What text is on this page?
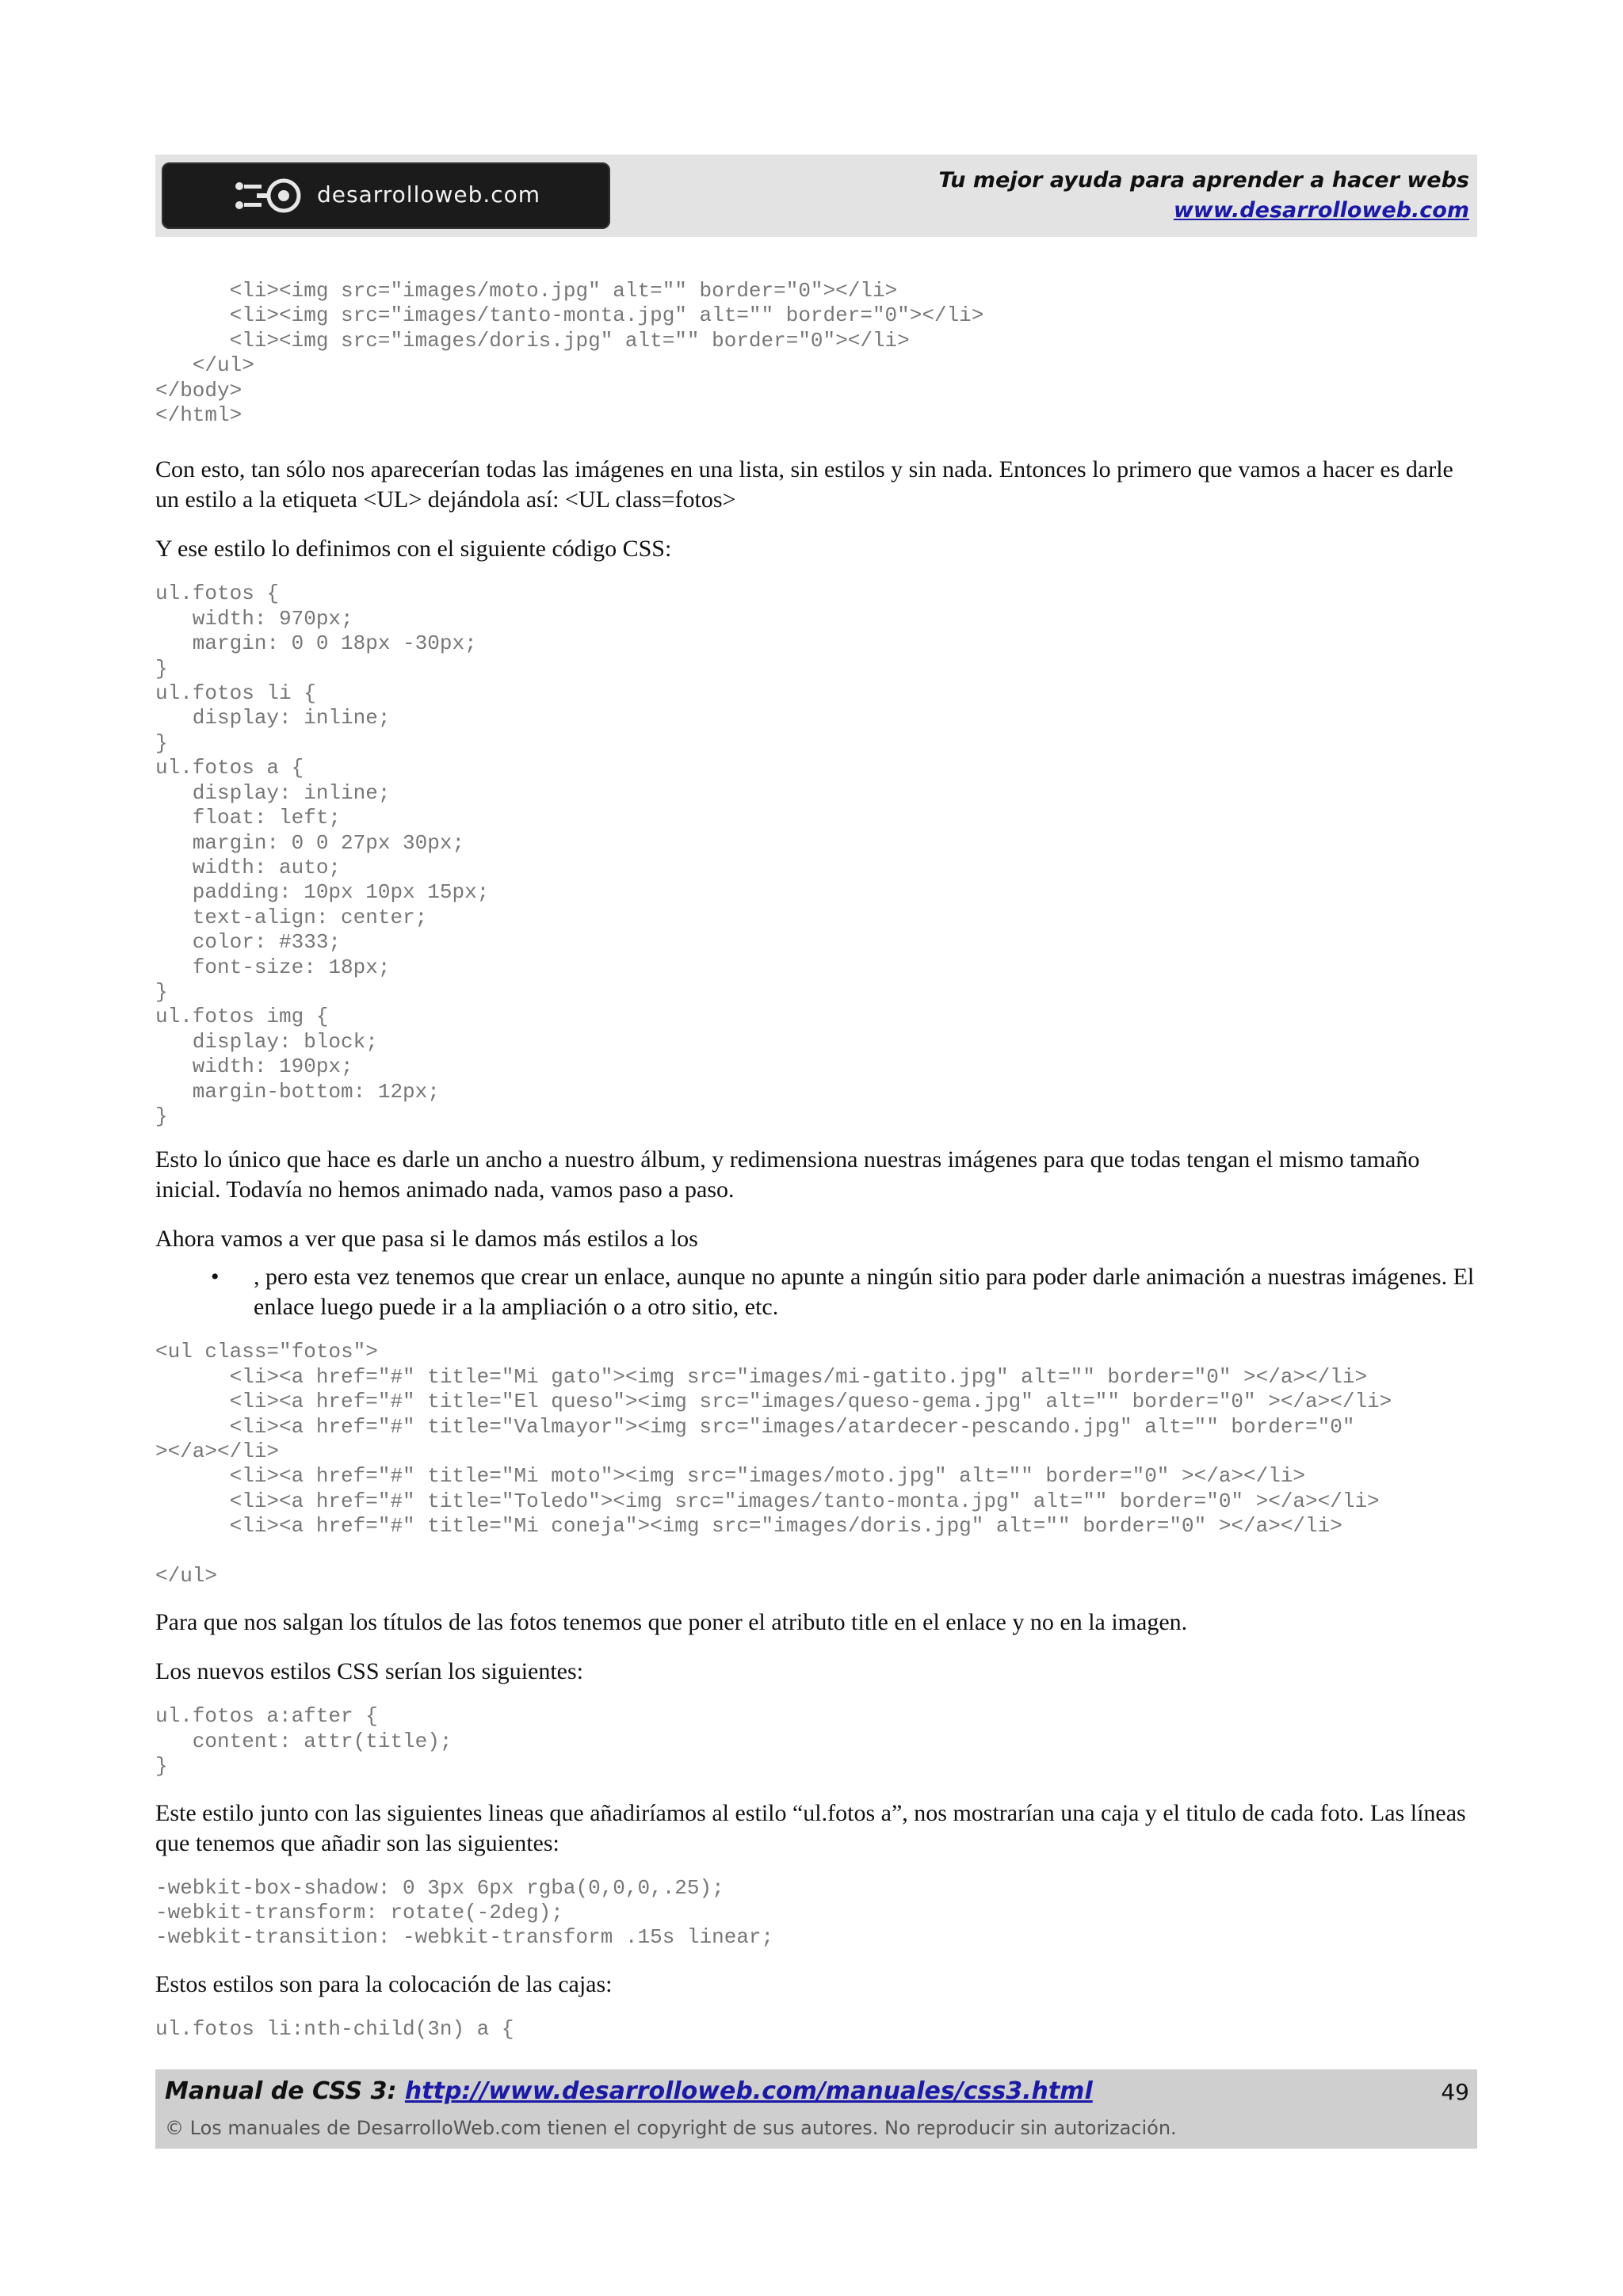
desarrolloweb.com
Tu mejor ayuda para aprender a hacer webs
www.desarrolloweb.com
<li><img src="images/moto.jpg" alt="" border="0"></li>
<li><img src="images/tanto-monta.jpg" alt="" border="0"></li>
<li><img src="images/doris.jpg" alt="" border="0"></li>
</ul>
</body>
</html>

Con esto, tan sólo nos aparecerían todas las imágenes en una lista, sin estilos y sin nada. Entonces lo primero que vamos a hacer es darle un estilo a la etiqueta <UL> dejándola así: <UL class=fotos>

Y ese estilo lo definimos con el siguiente código CSS:

ul.fotos {
width: 970px;
margin: 0 0 18px -30px;
}
ul.fotos li {
display: inline;
}
ul.fotos a {
display: inline;
float: left;
margin: 0 0 27px 30px;
width: auto;
padding: 10px 10px 15px;
text-align: center;
color: #333;
font-size: 18px;
}
ul.fotos img {
display: block;
width: 190px;
margin-bottom: 12px;
}

Esto lo único que hace es darle un ancho a nuestro álbum, y redimensiona nuestras imágenes para que todas tengan el mismo tamaño inicial. Todavía no hemos animado nada, vamos paso a paso.

Ahora vamos a ver que pasa si le damos más estilos a los

• , pero esta vez tenemos que crear un enlace, aunque no apunte a ningún sitio para poder darle animación a nuestras imágenes. El enlace luego puede ir a la ampliación o a otro sitio, etc.

<ul class="fotos">
<li><a href="#" title="Mi gato"><img src="images/mi-gatito.jpg" alt="" border="0" ></a></li>
<li><a href="#" title="El queso"><img src="images/queso-gema.jpg" alt="" border="0" ></a></li>
<li><a href="#" title="Valmayor"><img src="images/atardecer-pescando.jpg" alt="" border="0"
></a></li>
<li><a href="#" title="Mi moto"><img src="images/moto.jpg" alt="" border="0" ></a></li>
<li><a href="#" title="Toledo"><img src="images/tanto-monta.jpg" alt="" border="0" ></a></li>
<li><a href="#" title="Mi coneja"><img src="images/doris.jpg" alt="" border="0" ></a></li>

</ul>

Para que nos salgan los títulos de las fotos tenemos que poner el atributo title en el enlace y no en la imagen.

Los nuevos estilos CSS serían los siguientes:

ul.fotos a:after {
content: attr(title);
}

Este estilo junto con las siguientes lineas que añadiríamos al estilo “ul.fotos a”, nos mostrarían una caja y el titulo de cada foto. Las líneas que tenemos que añadir son las siguientes:

-webkit-box-shadow: 0 3px 6px rgba(0,0,0,.25);
-webkit-transform: rotate(-2deg);
-webkit-transition: -webkit-transform .15s linear;

Estos estilos son para la colocación de las cajas:

ul.fotos li:nth-child(3n) a {
Manual de CSS 3: http://www.desarrolloweb.com/manuales/css3.html	49
© Los manuales de DesarrolloWeb.com tienen el copyright de sus autores. No reproducir sin autorización.
